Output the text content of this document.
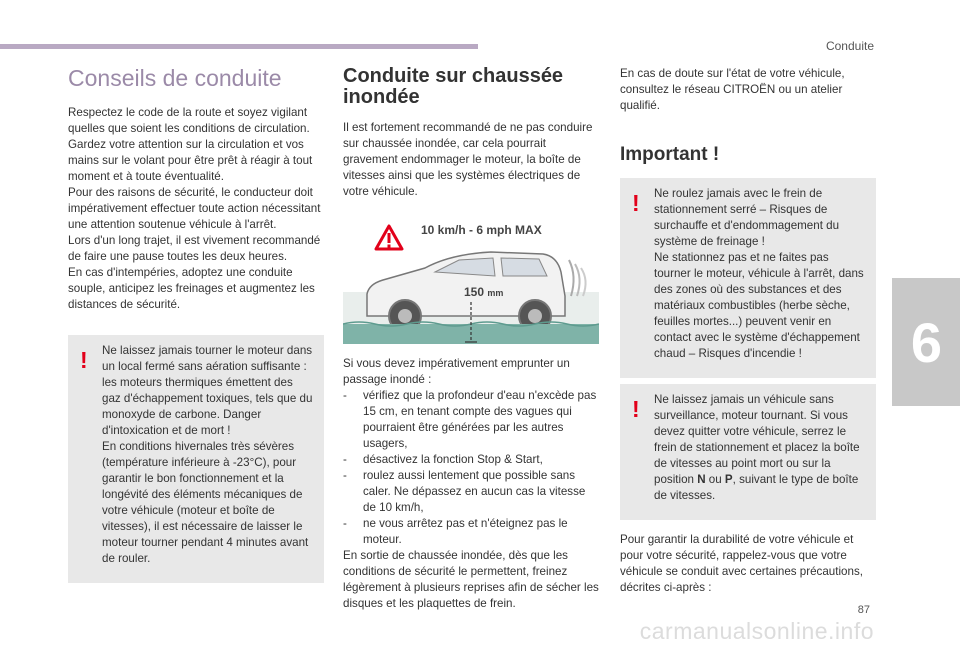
Conduite
6
87
carmanualsonline.info
Conseils de conduite

Respectez le code de la route et soyez vigilant quelles que soient les conditions de circulation.

Gardez votre attention sur la circulation et vos mains sur le volant pour être prêt à réagir à tout moment et à toute éventualité.

Pour des raisons de sécurité, le conducteur doit impérativement effectuer toute action nécessitant une attention soutenue véhicule à l'arrêt.

Lors d'un long trajet, il est vivement recommandé de faire une pause toutes les deux heures.

En cas d'intempéries, adoptez une conduite souple, anticipez les freinages et augmentez les distances de sécurité.

! Ne laissez jamais tourner le moteur dans un local fermé sans aération suffisante : les moteurs thermiques émettent des gaz d'échappement toxiques, tels que du monoxyde de carbone. Danger d'intoxication et de mort !

En conditions hivernales très sévères (température inférieure à -23°C), pour garantir le bon fonctionnement et la longévité des éléments mécaniques de votre véhicule (moteur et boîte de vitesses), il est nécessaire de laisser le moteur tourner pendant 4 minutes avant de rouler.

Conduite sur chaussée inondée

Il est fortement recommandé de ne pas conduire sur chaussée inondée, car cela pourrait gravement endommager le moteur, la boîte de vitesses ainsi que les systèmes électriques de votre véhicule.

10 km/h - 6 mph MAX
150 mm

Si vous devez impérativement emprunter un passage inondé :

- vérifiez que la profondeur d'eau n'excède pas 15 cm, en tenant compte des vagues qui pourraient être générées par les autres usagers,
- désactivez la fonction Stop & Start,
- roulez aussi lentement que possible sans caler. Ne dépassez en aucun cas la vitesse de 10 km/h,
- ne vous arrêtez pas et n'éteignez pas le moteur.

En sortie de chaussée inondée, dès que les conditions de sécurité le permettent, freinez légèrement à plusieurs reprises afin de sécher les disques et les plaquettes de frein.

En cas de doute sur l'état de votre véhicule, consultez le réseau CITROËN ou un atelier qualifié.

Important !
! Ne roulez jamais avec le frein de stationnement serré – Risques de surchauffe et d'endommagement du système de freinage !

Ne stationnez pas et ne faites pas tourner le moteur, véhicule à l'arrêt, dans des zones où des substances et des matériaux combustibles (herbe sèche, feuilles mortes...) peuvent venir en contact avec le système d'échappement chaud – Risques d'incendie !

! Ne laissez jamais un véhicule sans surveillance, moteur tournant. Si vous devez quitter votre véhicule, serrez le frein de stationnement et placez la boîte de vitesses au point mort ou sur la position N ou P, suivant le type de boîte de vitesses.

Pour garantir la durabilité de votre véhicule et pour votre sécurité, rappelez-vous que votre véhicule se conduit avec certaines précautions, décrites ci-après :
